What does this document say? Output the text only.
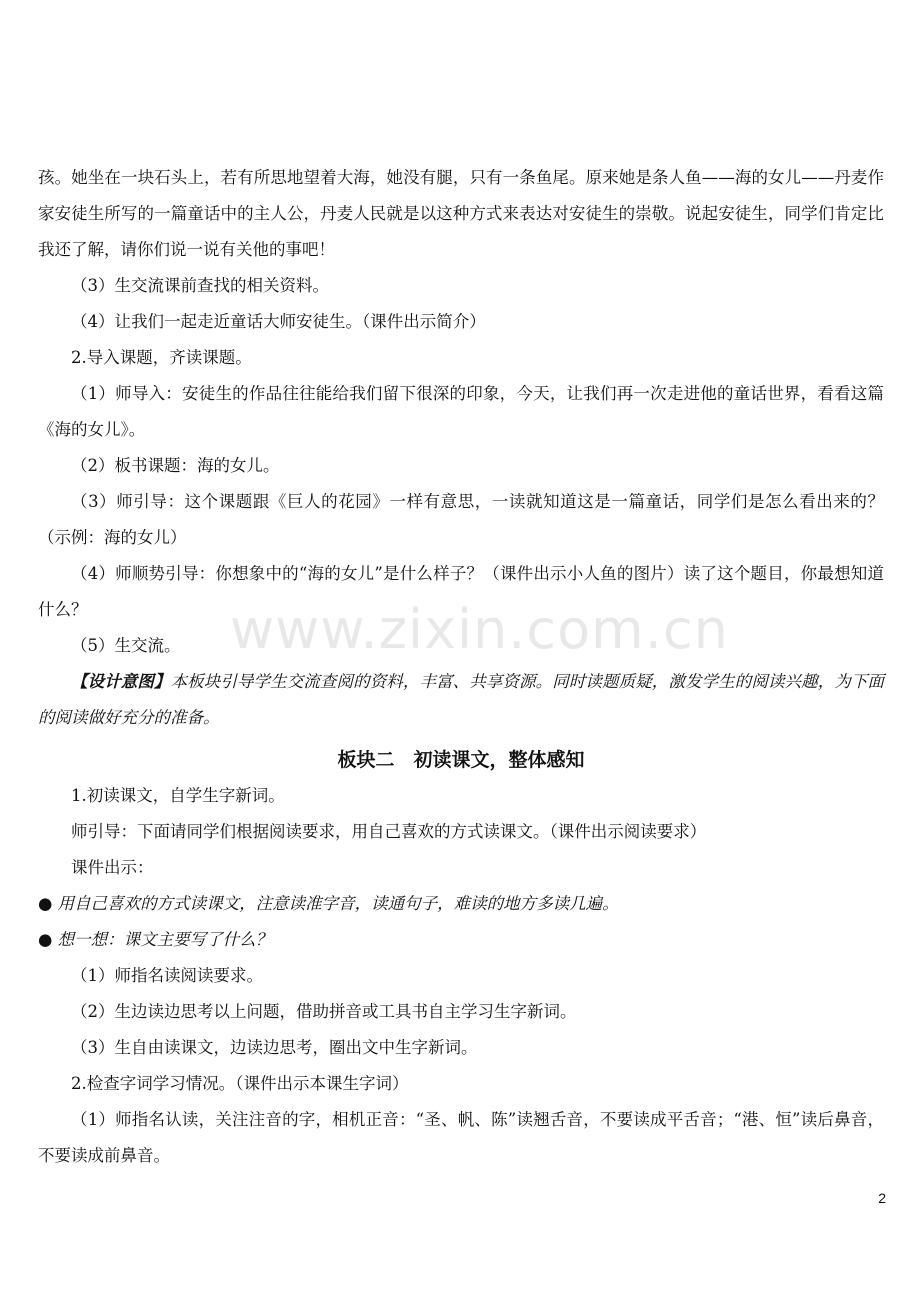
孩。她坐在一块石头上，若有所思地望着大海，她没有腿，只有一条鱼尾。原来她是条人鱼——海的女儿——丹麦作家安徒生所写的一篇童话中的主人公，丹麦人民就是以这种方式来表达对安徒生的崇敬。说起安徒生，同学们肯定比我还了解，请你们说一说有关他的事吧！

（3）生交流课前查找的相关资料。

（4）让我们一起走近童话大师安徒生。（课件出示简介）

2.导入课题，齐读课题。

（1）师导入：安徒生的作品往往能给我们留下很深的印象，今天，让我们再一次走进他的童话世界，看看这篇《海的女儿》。

（2）板书课题：海的女儿。

（3）师引导：这个课题跟《巨人的花园》一样有意思，一读就知道这是一篇童话，同学们是怎么看出来的？（示例：海的女儿）

（4）师顺势引导：你想象中的“海的女儿”是什么样子？（课件出示小人鱼的图片）读了这个题目，你最想知道什么？

（5）生交流。

【设计意图】本板块引导学生交流查阅的资料，丰富、共享资源。同时读题质疑，激发学生的阅读兴趣，为下面的阅读做好充分的准备。

板块二　初读课文，整体感知

1.初读课文，自学生字新词。

师引导：下面请同学们根据阅读要求，用自己喜欢的方式读课文。（课件出示阅读要求）

课件出示：

● 用自己喜欢的方式读课文，注意读准字音，读通句子，难读的地方多读几遍。

● 想一想：课文主要写了什么？

（1）师指名读阅读要求。

（2）生边读边思考以上问题，借助拼音或工具书自主学习生字新词。

（3）生自由读课文，边读边思考，圈出文中生字新词。

2.检查字词学习情况。（课件出示本课生字词）

（1）师指名认读，关注注音的字，相机正音：“圣、帆、陈”读翘舌音，不要读成平舌音；“港、恒”读后鼻音，不要读成前鼻音。

www.zixin.com.cn
2
